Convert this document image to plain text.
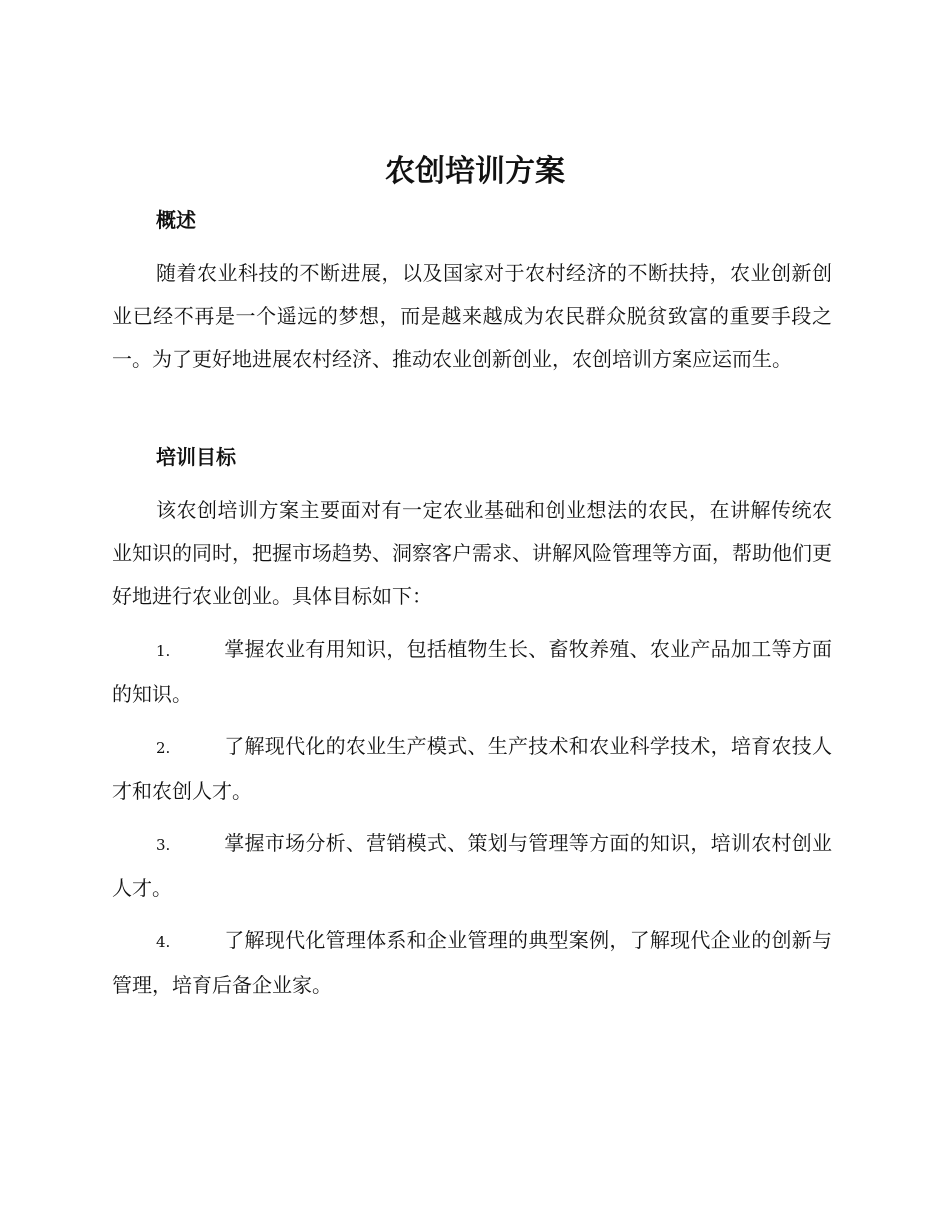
农创培训方案
概述

随着农业科技的不断进展，以及国家对于农村经济的不断扶持，农业创新创业已经不再是一个遥远的梦想，而是越来越成为农民群众脱贫致富的重要手段之一。为了更好地进展农村经济、推动农业创新创业，农创培训方案应运而生。

培训目标

该农创培训方案主要面对有一定农业基础和创业想法的农民，在讲解传统农业知识的同时，把握市场趋势、洞察客户需求、讲解风险管理等方面，帮助他们更好地进行农业创业。具体目标如下：

1.	掌握农业有用知识，包括植物生长、畜牧养殖、农业产品加工等方面的知识。

2.	了解现代化的农业生产模式、生产技术和农业科学技术，培育农技人才和农创人才。

3.	掌握市场分析、营销模式、策划与管理等方面的知识，培训农村创业人才。

4.	了解现代化管理体系和企业管理的典型案例，了解现代企业的创新与管理，培育后备企业家。
